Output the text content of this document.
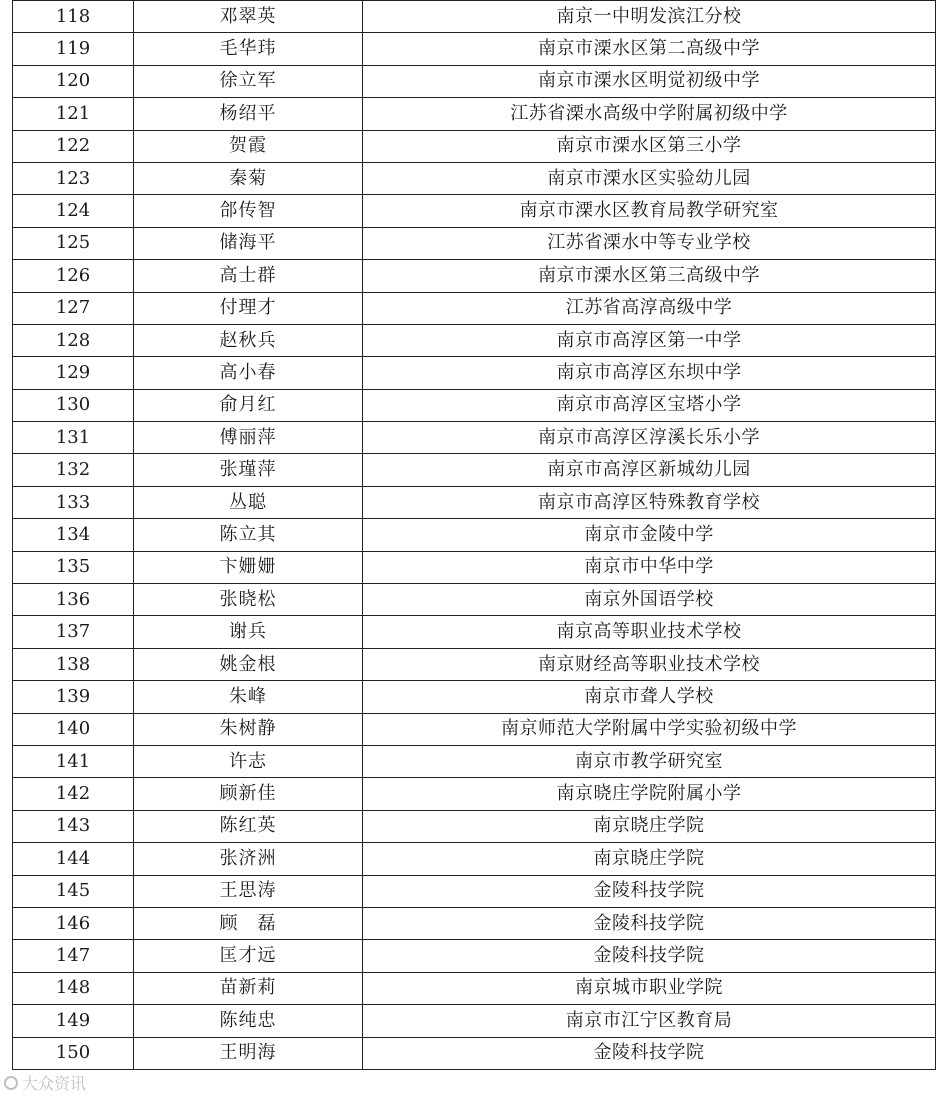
118	邓翠英	南京一中明发滨江分校
119	毛华玮	南京市溧水区第二高级中学
120	徐立军	南京市溧水区明觉初级中学
121	杨绍平	江苏省溧水高级中学附属初级中学
122	贺霞	南京市溧水区第三小学
123	秦菊	南京市溧水区实验幼儿园
124	郃传智	南京市溧水区教育局教学研究室
125	储海平	江苏省溧水中等专业学校
126	高士群	南京市溧水区第三高级中学
127	付理才	江苏省高淳高级中学
128	赵秋兵	南京市高淳区第一中学
129	高小春	南京市高淳区东坝中学
130	俞月红	南京市高淳区宝塔小学
131	傅丽萍	南京市高淳区淳溪长乐小学
132	张瑾萍	南京市高淳区新城幼儿园
133	丛聪	南京市高淳区特殊教育学校
134	陈立其	南京市金陵中学
135	卞姗姗	南京市中华中学
136	张晓松	南京外国语学校
137	谢兵	南京高等职业技术学校
138	姚金根	南京财经高等职业技术学校
139	朱峰	南京市聋人学校
140	朱树静	南京师范大学附属中学实验初级中学
141	许志	南京市教学研究室
142	顾新佳	南京晓庄学院附属小学
143	陈红英	南京晓庄学院
144	张济洲	南京晓庄学院
145	王思涛	金陵科技学院
146	顾　磊	金陵科技学院
147	匡才远	金陵科技学院
148	苗新莉	南京城市职业学院
149	陈纯忠	南京市江宁区教育局
150	王明海	金陵科技学院
大众资讯
